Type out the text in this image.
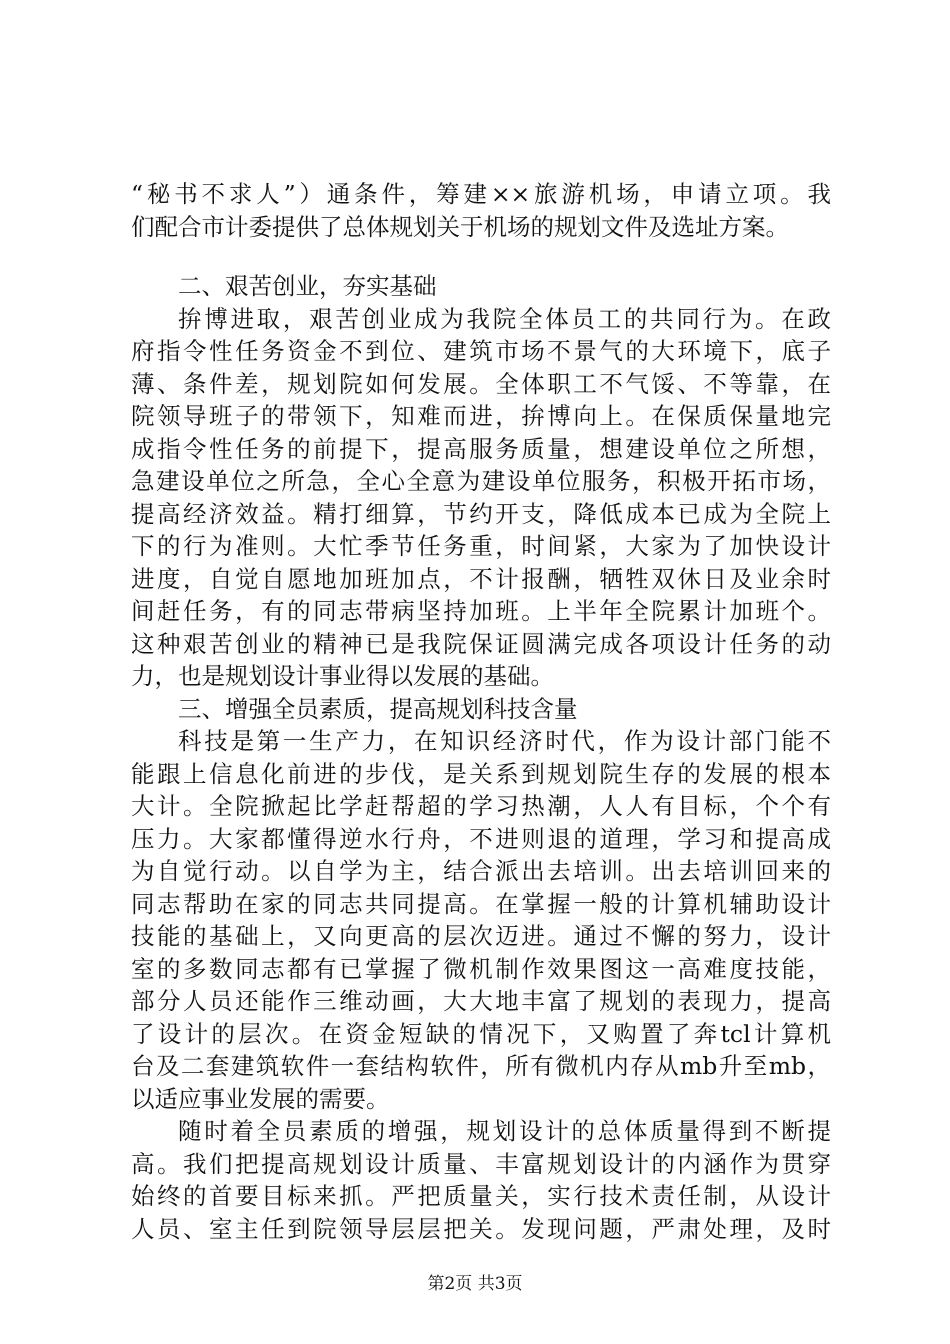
“秘书不求人”）通条件，筹建××旅游机场，申请立项。我
们配合市计委提供了总体规划关于机场的规划文件及选址方案。
二、艰苦创业，夯实基础
拚博进取，艰苦创业成为我院全体员工的共同行为。在政
府指令性任务资金不到位、建筑市场不景气的大环境下，底子
薄、条件差，规划院如何发展。全体职工不气馁、不等靠，在
院领导班子的带领下，知难而进，拚博向上。在保质保量地完
成指令性任务的前提下，提高服务质量，想建设单位之所想，
急建设单位之所急，全心全意为建设单位服务，积极开拓市场，
提高经济效益。精打细算，节约开支，降低成本已成为全院上
下的行为准则。大忙季节任务重，时间紧，大家为了加快设计
进度，自觉自愿地加班加点，不计报酬，牺牲双休日及业余时
间赶任务，有的同志带病坚持加班。上半年全院累计加班个。
这种艰苦创业的精神已是我院保证圆满完成各项设计任务的动
力，也是规划设计事业得以发展的基础。
三、增强全员素质，提高规划科技含量
科技是第一生产力，在知识经济时代，作为设计部门能不
能跟上信息化前进的步伐，是关系到规划院生存的发展的根本
大计。全院掀起比学赶帮超的学习热潮，人人有目标，个个有
压力。大家都懂得逆水行舟，不进则退的道理，学习和提高成
为自觉行动。以自学为主，结合派出去培训。出去培训回来的
同志帮助在家的同志共同提高。在掌握一般的计算机辅助设计
技能的基础上，又向更高的层次迈进。通过不懈的努力，设计
室的多数同志都有已掌握了微机制作效果图这一高难度技能，
部分人员还能作三维动画，大大地丰富了规划的表现力，提高
了设计的层次。在资金短缺的情况下，又购置了奔tcl计算机
台及二套建筑软件一套结构软件，所有微机内存从mb升至mb，
以适应事业发展的需要。
随时着全员素质的增强，规划设计的总体质量得到不断提
高。我们把提高规划设计质量、丰富规划设计的内涵作为贯穿
始终的首要目标来抓。严把质量关，实行技术责任制，从设计
人员、室主任到院领导层层把关。发现问题，严肃处理，及时
第2页 共3页
